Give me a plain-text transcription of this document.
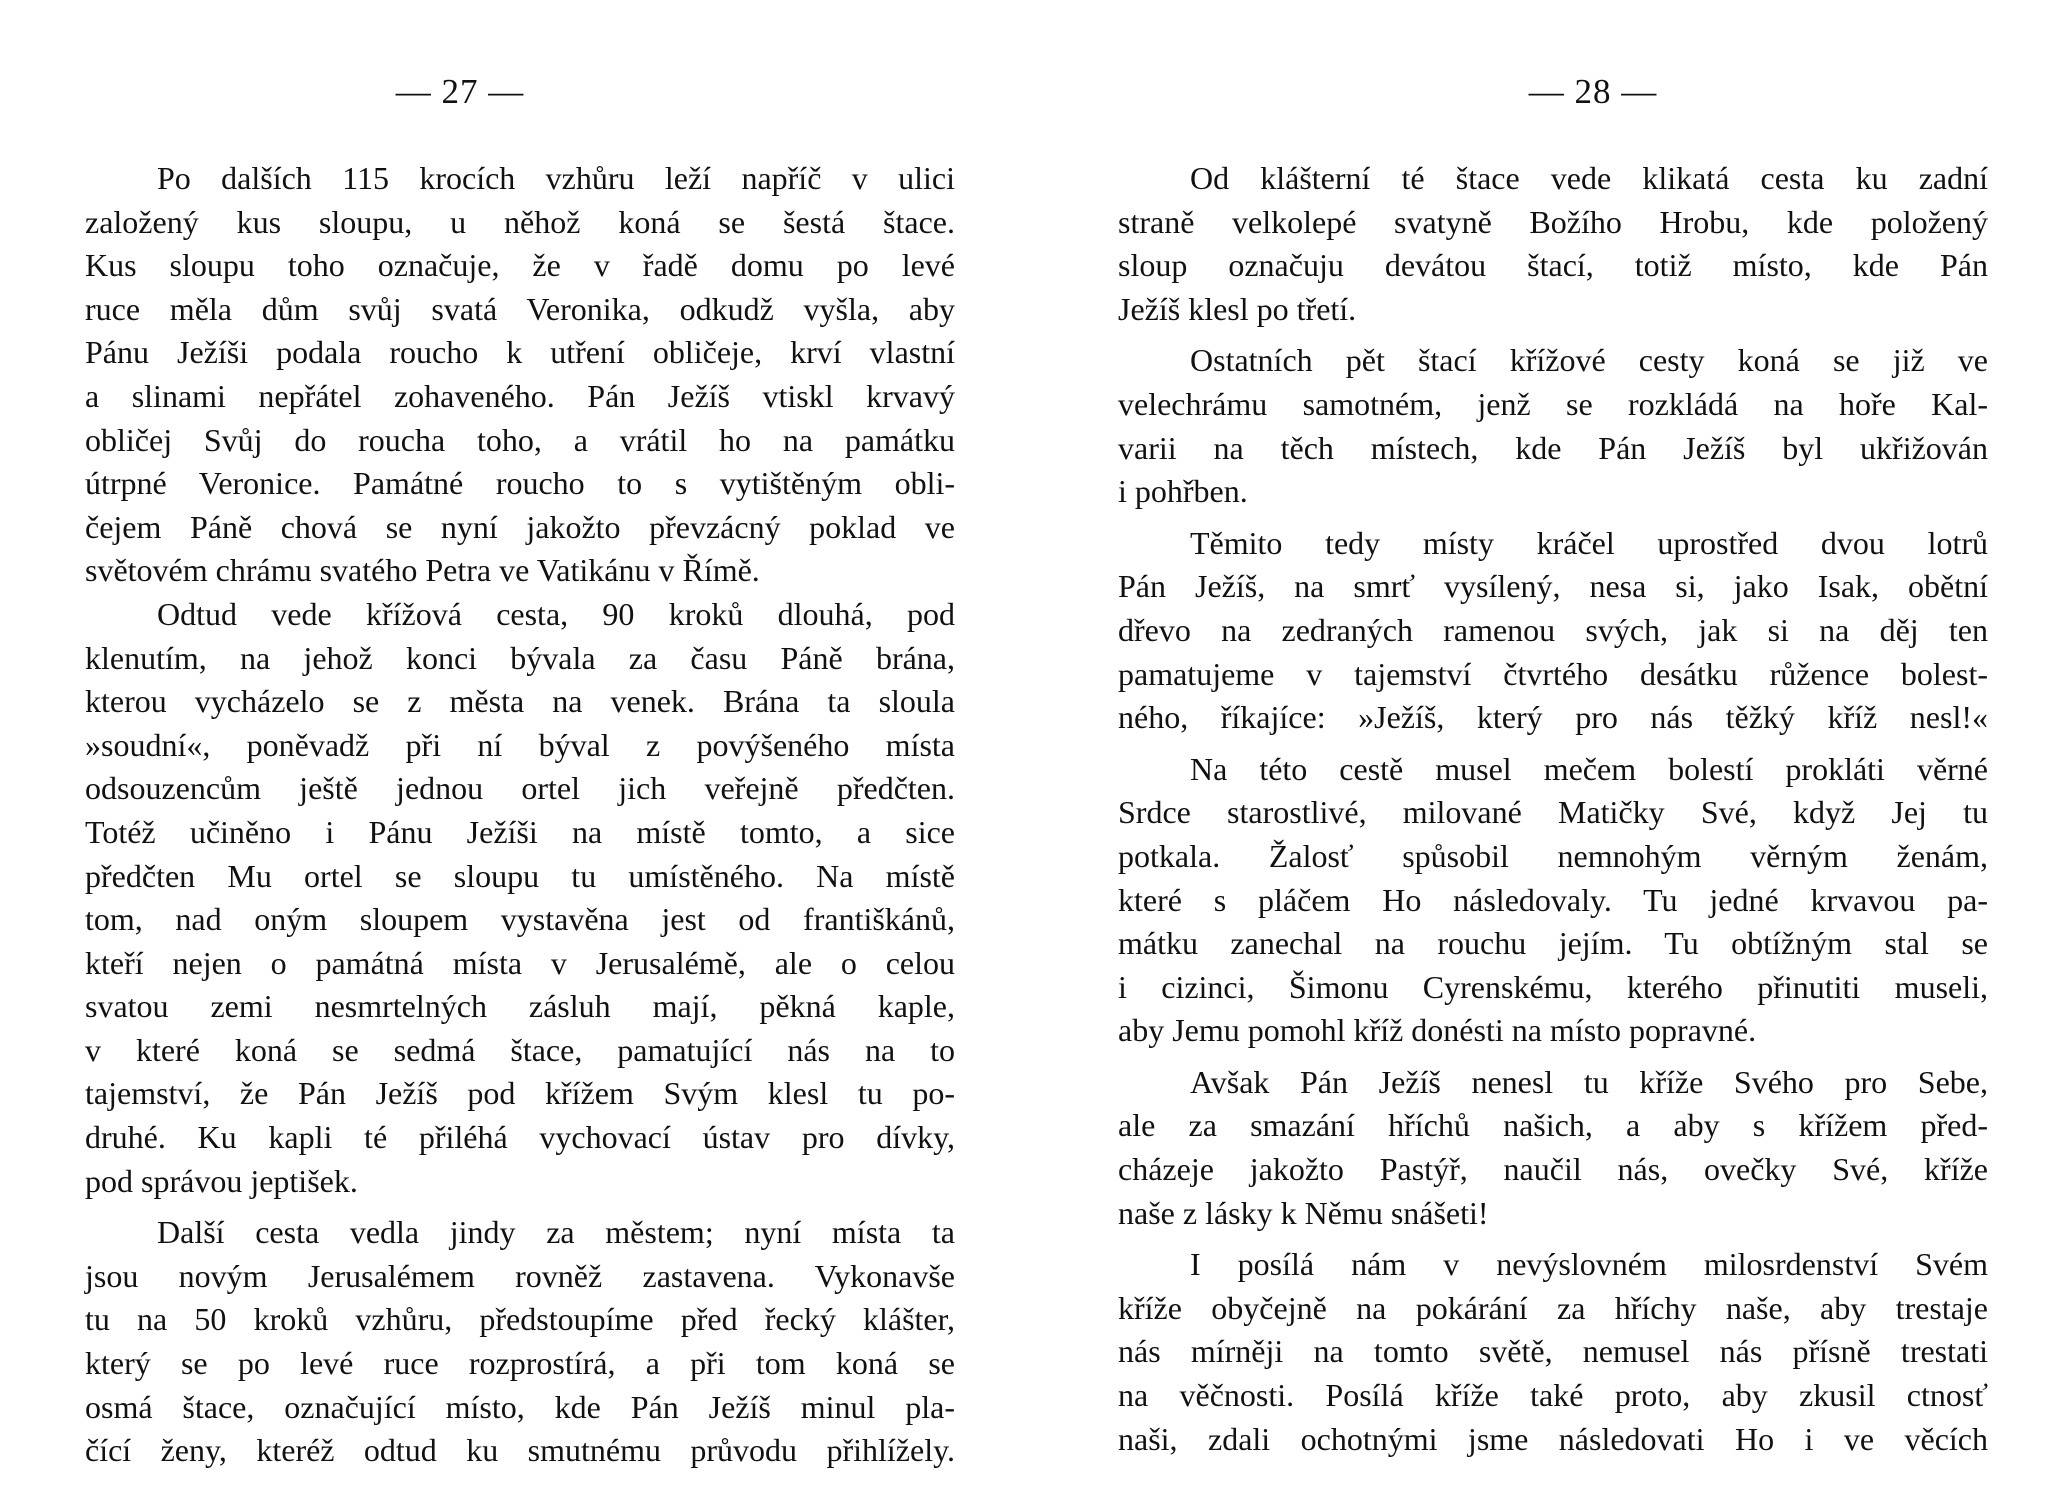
— 27 —
Po dalších 115 krocích vzhůru leží napříč v ulici
založený kus sloupu, u něhož koná se šestá štace.
Kus sloupu toho označuje, že v řadě domu po levé
ruce měla dům svůj svatá Veronika, odkudž vyšla, aby
Pánu Ježíši podala roucho k utření obličeje, krví vlastní
a slinami nepřátel zohaveného. Pán Ježíš vtiskl krvavý
obličej Svůj do roucha toho, a vrátil ho na památku
útrpné Veronice. Památné roucho to s vytištěným obli-
čejem Páně chová se nyní jakožto převzácný poklad ve
světovém chrámu svatého Petra ve Vatikánu v Římě.
Odtud vede křížová cesta, 90 kroků dlouhá, pod
klenutím, na jehož konci bývala za času Páně brána,
kterou vycházelo se z města na venek. Brána ta sloula
»soudní«, poněvadž při ní býval z povýšeného místa
odsouzencům ještě jednou ortel jich veřejně předčten.
Totéž učiněno i Pánu Ježíši na místě tomto, a sice
předčten Mu ortel se sloupu tu umístěného. Na místě
tom, nad oným sloupem vystavěna jest od františkánů,
kteří nejen o památná místa v Jerusalémě, ale o celou
svatou zemi nesmrtelných zásluh mají, pěkná kaple,
v které koná se sedmá štace, pamatující nás na to
tajemství, že Pán Ježíš pod křížem Svým klesl tu po-
druhé. Ku kapli té přiléhá vychovací ústav pro dívky,
pod správou jeptišek.
Další cesta vedla jindy za městem; nyní místa ta
jsou novým Jerusalémem rovněž zastavena. Vykonavše
tu na 50 kroků vzhůru, předstoupíme před řecký klášter,
který se po levé ruce rozprostírá, a při tom koná se
osmá štace, označující místo, kde Pán Ježíš minul pla-
čící ženy, kteréž odtud ku smutnému průvodu přihlížely.
— 28 —
Od klášterní té štace vede klikatá cesta ku zadní
straně velkolepé svatyně Božího Hrobu, kde položený
sloup označuju devátou štací, totiž místo, kde Pán
Ježíš klesl po třetí.
Ostatních pět štací křížové cesty koná se již ve
velechrámu samotném, jenž se rozkládá na hoře Kal-
varii na těch místech, kde Pán Ježíš byl ukřižován
i pohřben.
Těmito tedy místy kráčel uprostřed dvou lotrů
Pán Ježíš, na smrť vysílený, nesa si, jako Isak, obětní
dřevo na zedraných ramenou svých, jak si na děj ten
pamatujeme v tajemství čtvrtého desátku růžence bolest-
ného, říkajíce: »Ježíš, který pro nás těžký kříž nesl!«
Na této cestě musel mečem bolestí prokláti věrné
Srdce starostlivé, milované Matičky Své, když Jej tu
potkala. Žalosť spůsobil nemnohým věrným ženám,
které s pláčem Ho následovaly. Tu jedné krvavou pa-
mátku zanechal na rouchu jejím. Tu obtížným stal se
i cizinci, Šimonu Cyrenskému, kterého přinutiti museli,
aby Jemu pomohl kříž donésti na místo popravné.
Avšak Pán Ježíš nenesl tu kříže Svého pro Sebe,
ale za smazání hříchů našich, a aby s křížem před-
cházeje jakožto Pastýř, naučil nás, ovečky Své, kříže
naše z lásky k Němu snášeti!
I posílá nám v nevýslovném milosrdenství Svém
kříže obyčejně na pokárání za hříchy naše, aby trestaje
nás mírněji na tomto světě, nemusel nás přísně trestati
na věčnosti. Posílá kříže také proto, aby zkusil ctnosť
naši, zdali ochotnými jsme následovati Ho i ve věcích
